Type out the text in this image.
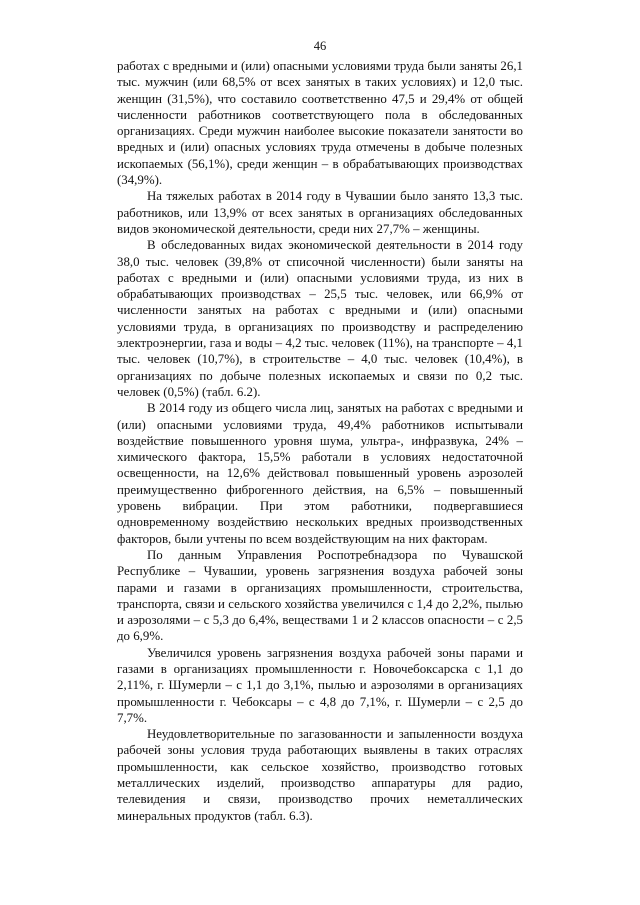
46

работах с вредными и (или) опасными условиями труда были заняты 26,1 тыс. мужчин (или 68,5% от всех занятых в таких условиях) и 12,0 тыс. женщин (31,5%), что составило соответственно 47,5 и 29,4% от общей численности работников соответствующего пола в обследованных организациях. Среди мужчин наиболее высокие показатели занятости во вредных и (или) опасных условиях труда отмечены в добыче полезных ископаемых (56,1%), среди женщин – в обрабатывающих производствах (34,9%).

На тяжелых работах в 2014 году в Чувашии было занято 13,3 тыс. работников, или 13,9% от всех занятых в организациях обследованных видов экономической деятельности, среди них 27,7% – женщины.

В обследованных видах экономической деятельности в 2014 году 38,0 тыс. человек (39,8% от списочной численности) были заняты на работах с вредными и (или) опасными условиями труда, из них в обрабатывающих производствах – 25,5 тыс. человек, или 66,9% от численности занятых на работах с вредными и (или) опасными условиями труда, в организациях по производству и распределению электроэнергии, газа и воды – 4,2 тыс. человек (11%), на транспорте – 4,1 тыс. человек (10,7%), в строительстве – 4,0 тыс. человек (10,4%), в организациях по добыче полезных ископаемых и связи по 0,2 тыс. человек (0,5%) (табл. 6.2).

В 2014 году из общего числа лиц, занятых на работах с вредными и (или) опасными условиями труда, 49,4% работников испытывали воздействие повышенного уровня шума, ультра-, инфразвука, 24% – химического фактора, 15,5% работали в условиях недостаточной освещенности, на 12,6% действовал повышенный уровень аэрозолей преимущественно фиброгенного действия, на 6,5% – повышенный уровень вибрации. При этом работники, подвергавшиеся одновременному воздействию нескольких вредных производственных факторов, были учтены по всем воздействующим на них факторам.

По данным Управления Роспотребнадзора по Чувашской Республике – Чувашии, уровень загрязнения воздуха рабочей зоны парами и газами в организациях промышленности, строительства, транспорта, связи и сельского хозяйства увеличился с 1,4 до 2,2%, пылью и аэрозолями – с 5,3 до 6,4%, веществами 1 и 2 классов опасности – с 2,5 до 6,9%.

Увеличился уровень загрязнения воздуха рабочей зоны парами и газами в организациях промышленности г. Новочебоксарска с 1,1 до 2,11%, г. Шумерли – с 1,1 до 3,1%, пылью и аэрозолями в организациях промышленности г. Чебоксары – с 4,8 до 7,1%, г. Шумерли – с 2,5 до 7,7%.

Неудовлетворительные по загазованности и запыленности воздуха рабочей зоны условия труда работающих выявлены в таких отраслях промышленности, как сельское хозяйство, производство готовых металлических изделий, производство аппаратуры для радио, телевидения и связи, производство прочих неметаллических минеральных продуктов (табл. 6.3).
